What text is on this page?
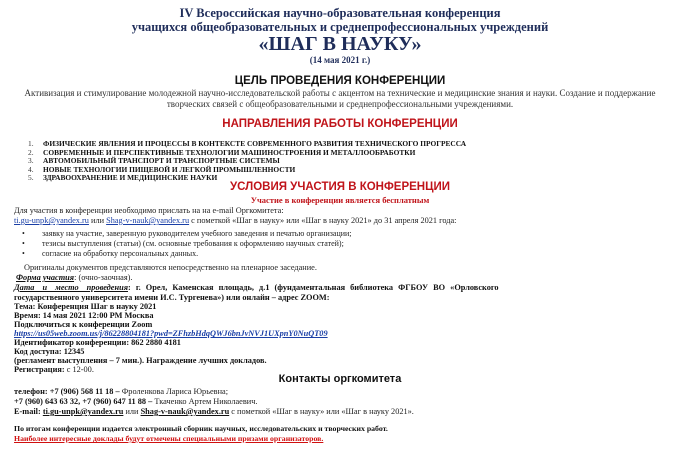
IV Всероссийская научно-образовательная конференция
учащихся общеобразовательных и среднепрофессиональных учреждений
«ШАГ В НАУКУ»
(14 мая 2021 г.)
ЦЕЛЬ ПРОВЕДЕНИЯ КОНФЕРЕНЦИИ
Активизация и стимулирование молодежной научно-исследовательской работы с акцентом на технические и медицинские знания и науки. Создание и поддержание творческих связей с общеобразовательными и среднепрофессиональными учреждениями.
НАПРАВЛЕНИЯ РАБОТЫ КОНФЕРЕНЦИИ
1.	ФИЗИЧЕСКИЕ ЯВЛЕНИЯ И ПРОЦЕССЫ В КОНТЕКСТЕ СОВРЕМЕННОГО РАЗВИТИЯ ТЕХНИЧЕСКОГО ПРОГРЕССА
2.	СОВРЕМЕННЫЕ И ПЕРСПЕКТИВНЫЕ ТЕХНОЛОГИИ МАШИНОСТРОЕНИЯ И МЕТАЛЛООБРАБОТКИ
3.	АВТОМОБИЛЬНЫЙ ТРАНСПОРТ И ТРАНСПОРТНЫЕ СИСТЕМЫ
4.	НОВЫЕ ТЕХНОЛОГИИ ПИЩЕВОЙ И ЛЕГКОЙ ПРОМЫШЛЕННОСТИ
5.	ЗДРАВООХРАНЕНИЕ И МЕДИЦИНСКИЕ НАУКИ
УСЛОВИЯ УЧАСТИЯ В КОНФЕРЕНЦИИ
Участие в конференции является бесплатным
Для участия в конференции необходимо прислать на на e-mail Оргкомитета:
ti.gu-unpk@yandex.ru или Shag-v-nauk@yandex.ru с пометкой «Шаг в науку» или «Шаг в науку 2021» до 31 апреля 2021 года:
• заявку на участие, заверенную руководителем учебного заведения и печатью организации;
• тезисы выступления (статьи) (см. основные требования к оформлению научных статей);
• согласие на обработку персональных данных.
Оригиналы документов представляются непосредственно на пленарное заседание.
Форма участия: (очно-заочная).
Дата и место проведения: г. Орел, Каменская площадь, д.1 (фундаментальная библиотека ФГБОУ ВО «Орловского
государственного университета имени И.С. Тургенева») или онлайн – адрес ZOOM:
Тема: Конференция Шаг в науку 2021
Время: 14 мая 2021 12:00 PM Москва
Подключиться к конференции Zoom
https://us05web.zoom.us/j/86228804181?pwd=ZFhzbHdqQWJ6bnJvNVJ1UXpnY0NuQT09
Идентификатор конференции: 862 2880 4181
Код доступа: 12345
(регламент выступления – 7 мин.). Награждение лучших докладов.
Регистрация: с 12-00.
Контакты оргкомитета
телефон: +7 (906) 568 11 18 – Фроленкова Лариса Юрьевна;
+7 (960) 643 63 32, +7 (960) 647 11 88 – Ткаченко Артем Николаевич.
E-mail: ti.gu-unpk@yandex.ru или Shag-v-nauk@yandex.ru с пометкой «Шаг в науку» или «Шаг в науку 2021».
По итогам конференции издается электронный сборник научных, исследовательских и творческих работ.
Наиболее интересные доклады будут отмечены специальными призами организаторов.
